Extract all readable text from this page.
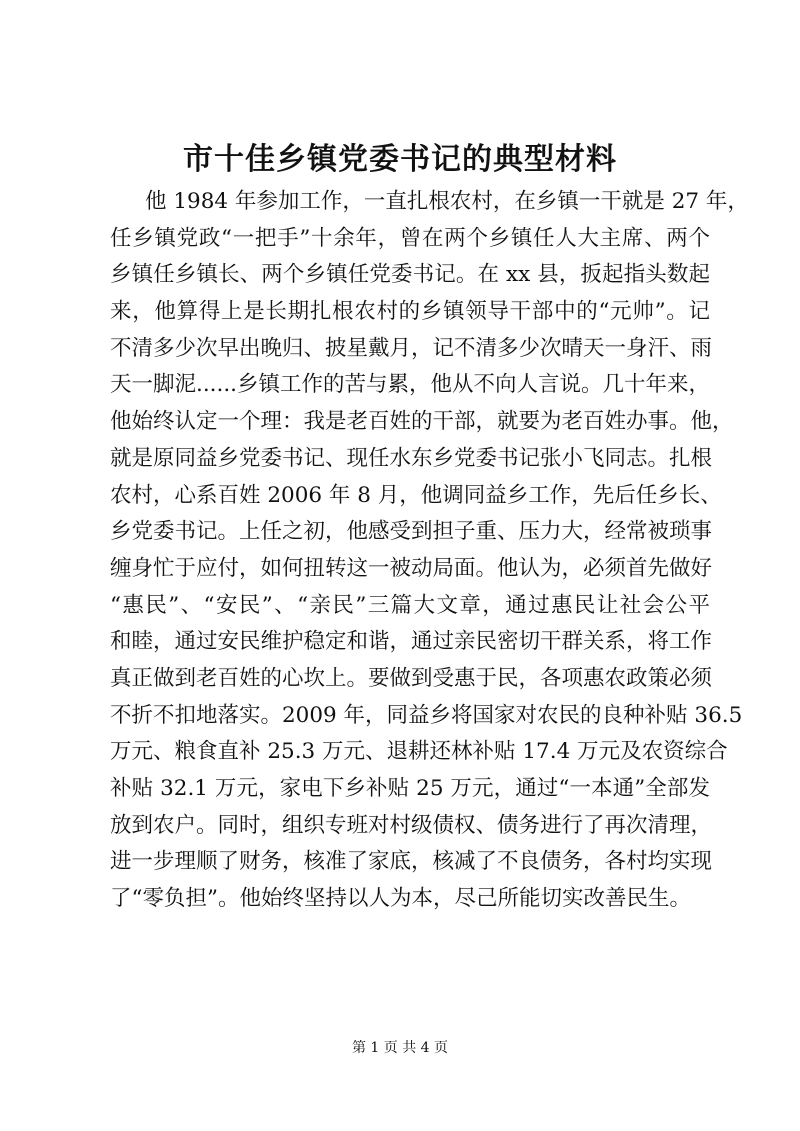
市十佳乡镇党委书记的典型材料
他 1984 年参加工作，一直扎根农村，在乡镇一干就是 27 年，
任乡镇党政“一把手”十余年，曾在两个乡镇任人大主席、两个
乡镇任乡镇长、两个乡镇任党委书记。在 xx 县，扳起指头数起
来，他算得上是长期扎根农村的乡镇领导干部中的“元帅”。记
不清多少次早出晚归、披星戴月，记不清多少次晴天一身汗、雨
天一脚泥......乡镇工作的苦与累，他从不向人言说。几十年来，
他始终认定一个理：我是老百姓的干部，就要为老百姓办事。他，
就是原同益乡党委书记、现任水东乡党委书记张小飞同志。扎根
农村，心系百姓 2006 年 8 月，他调同益乡工作，先后任乡长、
乡党委书记。上任之初，他感受到担子重、压力大，经常被琐事
缠身忙于应付，如何扭转这一被动局面。他认为，必须首先做好
“惠民”、“安民”、“亲民”三篇大文章，通过惠民让社会公平
和睦，通过安民维护稳定和谐，通过亲民密切干群关系，将工作
真正做到老百姓的心坎上。要做到受惠于民，各项惠农政策必须
不折不扣地落实。2009 年，同益乡将国家对农民的良种补贴 36.5
万元、粮食直补 25.3 万元、退耕还林补贴 17.4 万元及农资综合
补贴 32.1 万元，家电下乡补贴 25 万元，通过“一本通”全部发
放到农户。同时，组织专班对村级债权、债务进行了再次清理，
进一步理顺了财务，核准了家底，核减了不良债务，各村均实现
了“零负担”。他始终坚持以人为本，尽己所能切实改善民生。
第 1 页 共 4 页
